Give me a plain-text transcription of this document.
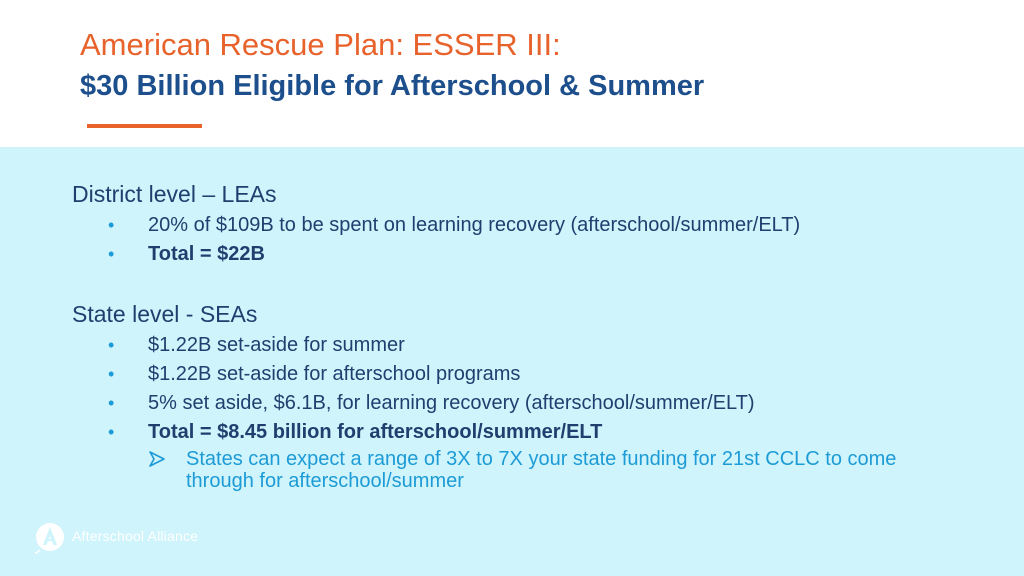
American Rescue Plan: ESSER III:
$30 Billion Eligible for Afterschool & Summer
District level – LEAs
•	20% of $109B to be spent on learning recovery (afterschool/summer/ELT)
•	Total = $22B
State level - SEAs
•	$1.22B set-aside for summer
•	$1.22B set-aside for afterschool programs
•	5% set aside, $6.1B, for learning recovery (afterschool/summer/ELT)
•	Total = $8.45 billion for afterschool/summer/ELT
States can expect a range of 3X to 7X your state funding for 21st CCLC to come through for afterschool/summer
Afterschool Alliance
